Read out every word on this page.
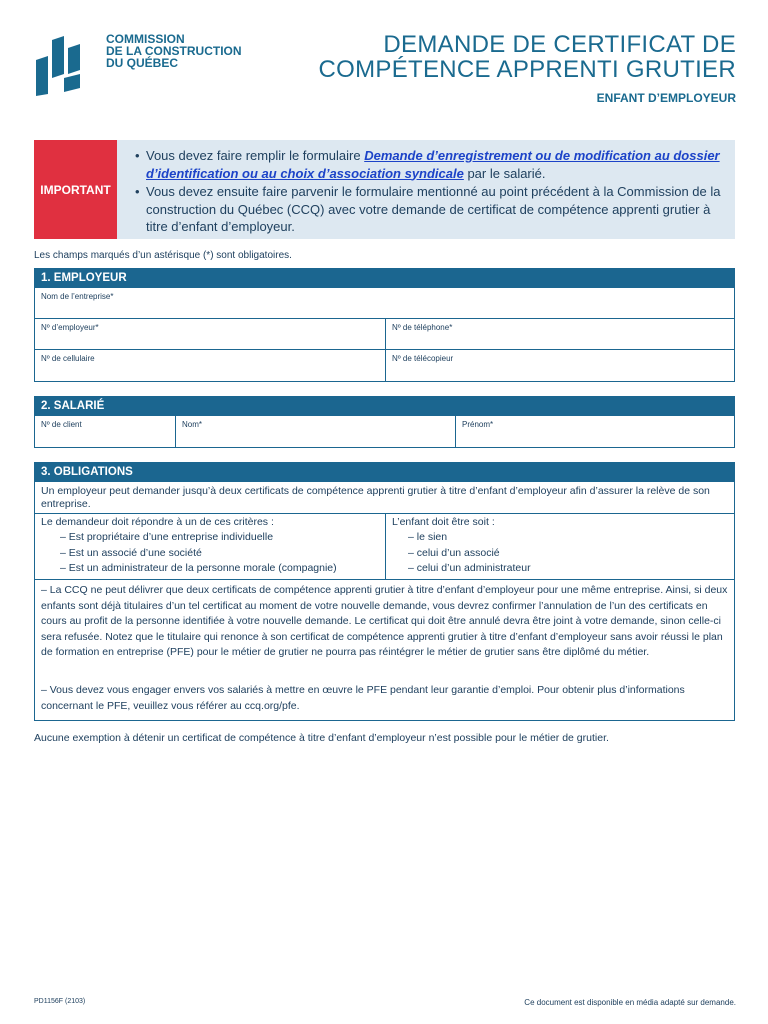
COMMISSION
DE LA CONSTRUCTION
DU QUÉBEC
DEMANDE DE CERTIFICAT DE
COMPÉTENCE APPRENTI GRUTIER
ENFANT D’EMPLOYEUR
IMPORTANT
• Vous devez faire remplir le formulaire Demande d’enregistrement ou de modification au dossier d’identification ou au choix d’association syndicale par le salarié.
• Vous devez ensuite faire parvenir le formulaire mentionné au point précédent à la Commission de la construction du Québec (CCQ) avec votre demande de certificat de compétence apprenti grutier à titre d’enfant d’employeur.
Les champs marqués d’un astérisque (*) sont obligatoires.
1. EMPLOYEUR
Nom de l’entreprise*
Nº d’employeur*	Nº de téléphone*
Nº de cellulaire	Nº de télécopieur
2. SALARIÉ
Nº de client	Nom*	Prénom*
3. OBLIGATIONS
Un employeur peut demander jusqu’à deux certificats de compétence apprenti grutier à titre d’enfant d’employeur afin d’assurer la relève de son entreprise.
Le demandeur doit répondre à un de ces critères :
– Est propriétaire d’une entreprise individuelle
– Est un associé d’une société
– Est un administrateur de la personne morale (compagnie)
L’enfant doit être soit :
– le sien
– celui d’un associé
– celui d’un administrateur
– La CCQ ne peut délivrer que deux certificats de compétence apprenti grutier à titre d’enfant d’employeur pour une même entreprise. Ainsi, si deux enfants sont déjà titulaires d’un tel certificat au moment de votre nouvelle demande, vous devrez confirmer l’annulation de l’un des certificats en cours au profit de la personne identifiée à votre nouvelle demande. Le certificat qui doit être annulé devra être joint à votre demande, sinon celle-ci sera refusée. Notez que le titulaire qui renonce à son certificat de compétence apprenti grutier à titre d’enfant d’employeur sans avoir réussi le plan de formation en entreprise (PFE) pour le métier de grutier ne pourra pas réintégrer le métier de grutier sans être diplômé du métier.
– Vous devez vous engager envers vos salariés à mettre en œuvre le PFE pendant leur garantie d’emploi. Pour obtenir plus d’informations concernant le PFE, veuillez vous référer au ccq.org/pfe.
Aucune exemption à détenir un certificat de compétence à titre d’enfant d’employeur n’est possible pour le métier de grutier.
PD1156F (2103)	Ce document est disponible en média adapté sur demande.
